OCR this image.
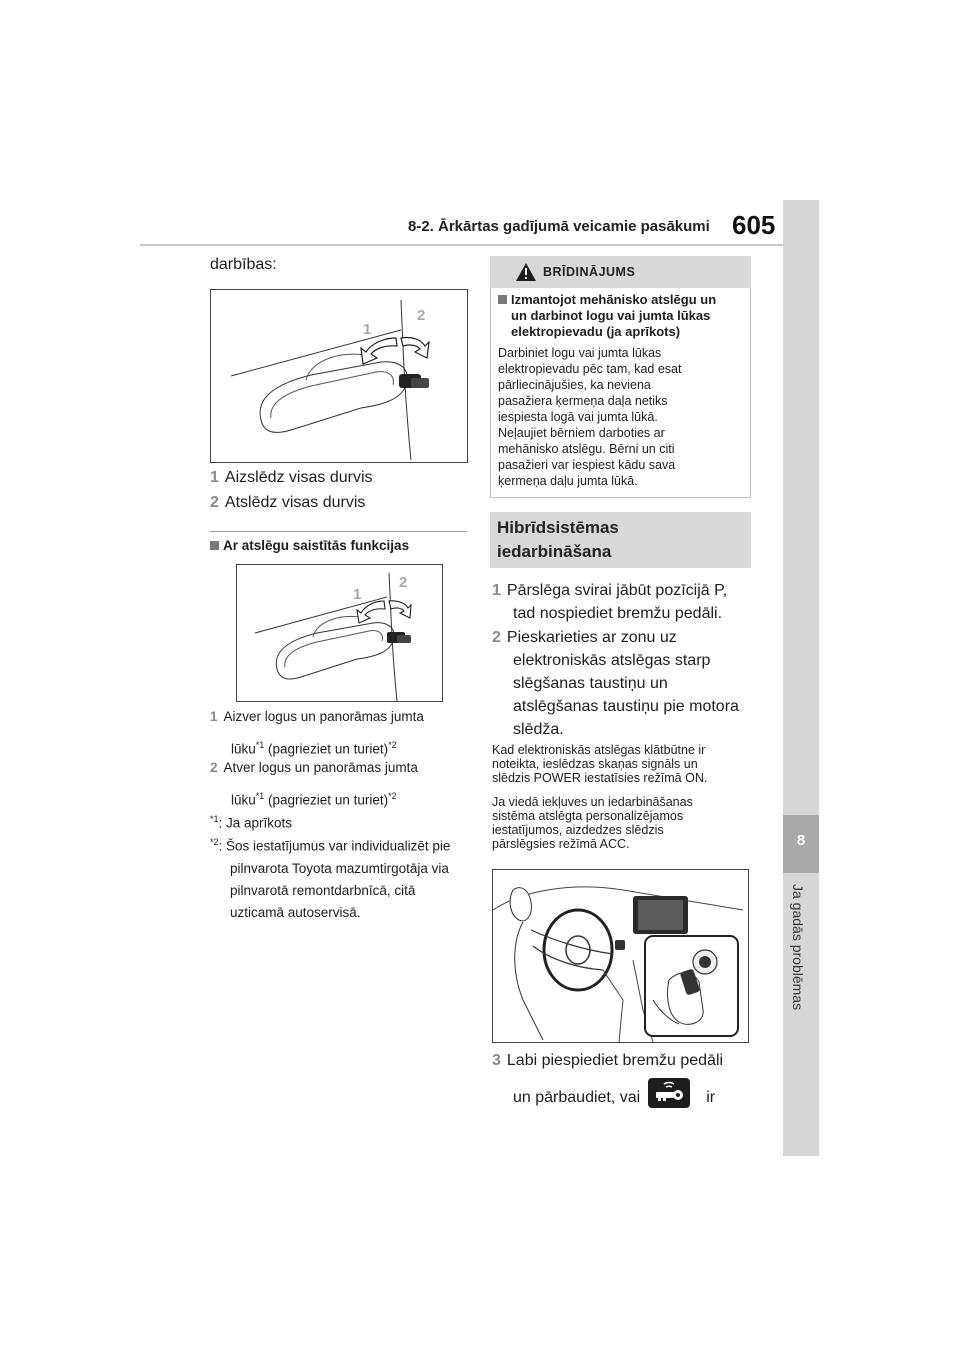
8-2. Ārkārtas gadījumā veicamie pasākumi 605
8
Ja gadās problēmas
darbības:
1
2
1 Aizslēdz visas durvis
2 Atslēdz visas durvis
Ar atslēgu saistītās funkcijas
1
2
1 Aizver logus un panorāmas jumta
lūku$^{*1}$ (pagrieziet un turiet)$^{*2}$
2 Atver logus un panorāmas jumta
lūku$^{*1}$ (pagrieziet un turiet)$^{*2}$
$^{*1}$: Ja aprīkots
$^{*2}$: Šos iestatījumus var individualizēt pie
pilnvarota Toyota mazumtirgotāja via
pilnvarotā remontdarbnīcā, citā
uzticamā autoservisā.
BRĪDINĀJUMS
Izmantojot mehānisko atslēgu un
un darbinot logu vai jumta lūkas
elektropievadu (ja aprīkots)
Darbiniet logu vai jumta lūkas
elektropievadu pēc tam, kad esat
pārliecinājušies, ka neviena
pasažiera ķermeņa daļa netiks
iespiesta logā vai jumta lūkā.
Neļaujiet bērniem darboties ar
mehānisko atslēgu. Bērni un citi
pasažieri var iespiest kādu sava
ķermeņa daļu jumta lūkā.
Hibrīdsistēmas
iedarbināšana
1 Pārslēga svirai jābūt pozīcijā P,
tad nospiediet bremžu pedāli.
2 Pieskarieties ar zonu uz
elektroniskās atslēgas starp
slēgšanas taustiņu un
atslēgšanas taustiņu pie motora
slēdža.
Kad elektroniskās atslēgas klātbūtne ir
noteikta, ieslēdzas skaņas signāls un
slēdzis POWER iestatīsies režīmā ON.
Ja viedā iekļuves un iedarbināšanas
sistēma atslēgta personalizējamos
iestatījumos, aizdedzes slēdzis
pārslēgsies režīmā ACC.
3 Labi piespiediet bremžu pedāli
un pārbaudiet, vai	ir
